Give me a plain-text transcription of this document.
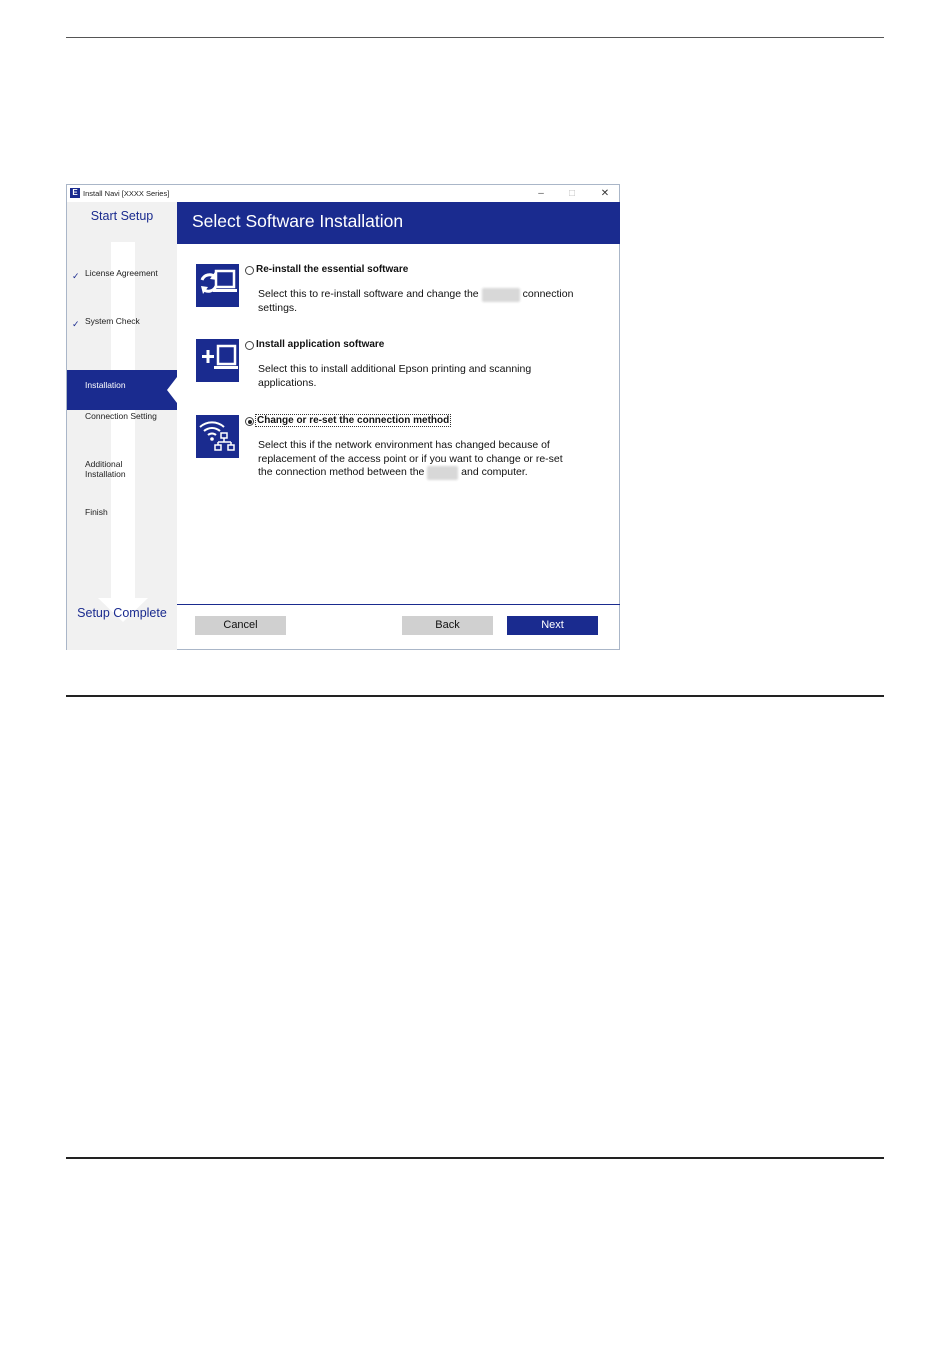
E Install Navi [XXXX Series]	–	□	✕
Start Setup
✓ License Agreement
✓ System Check
Installation
Connection Setting
Additional Installation
Finish
Setup Complete
Select Software Installation
Re-install the essential software
Select this to re-install software and change the	connection settings.
Install application software
Select this to install additional Epson printing and scanning applications.
Change or re-set the connection method
Select this if the network environment has changed because of replacement of the access point or if you want to change or re-set the connection method between the	and computer.
Cancel	Back	Next
